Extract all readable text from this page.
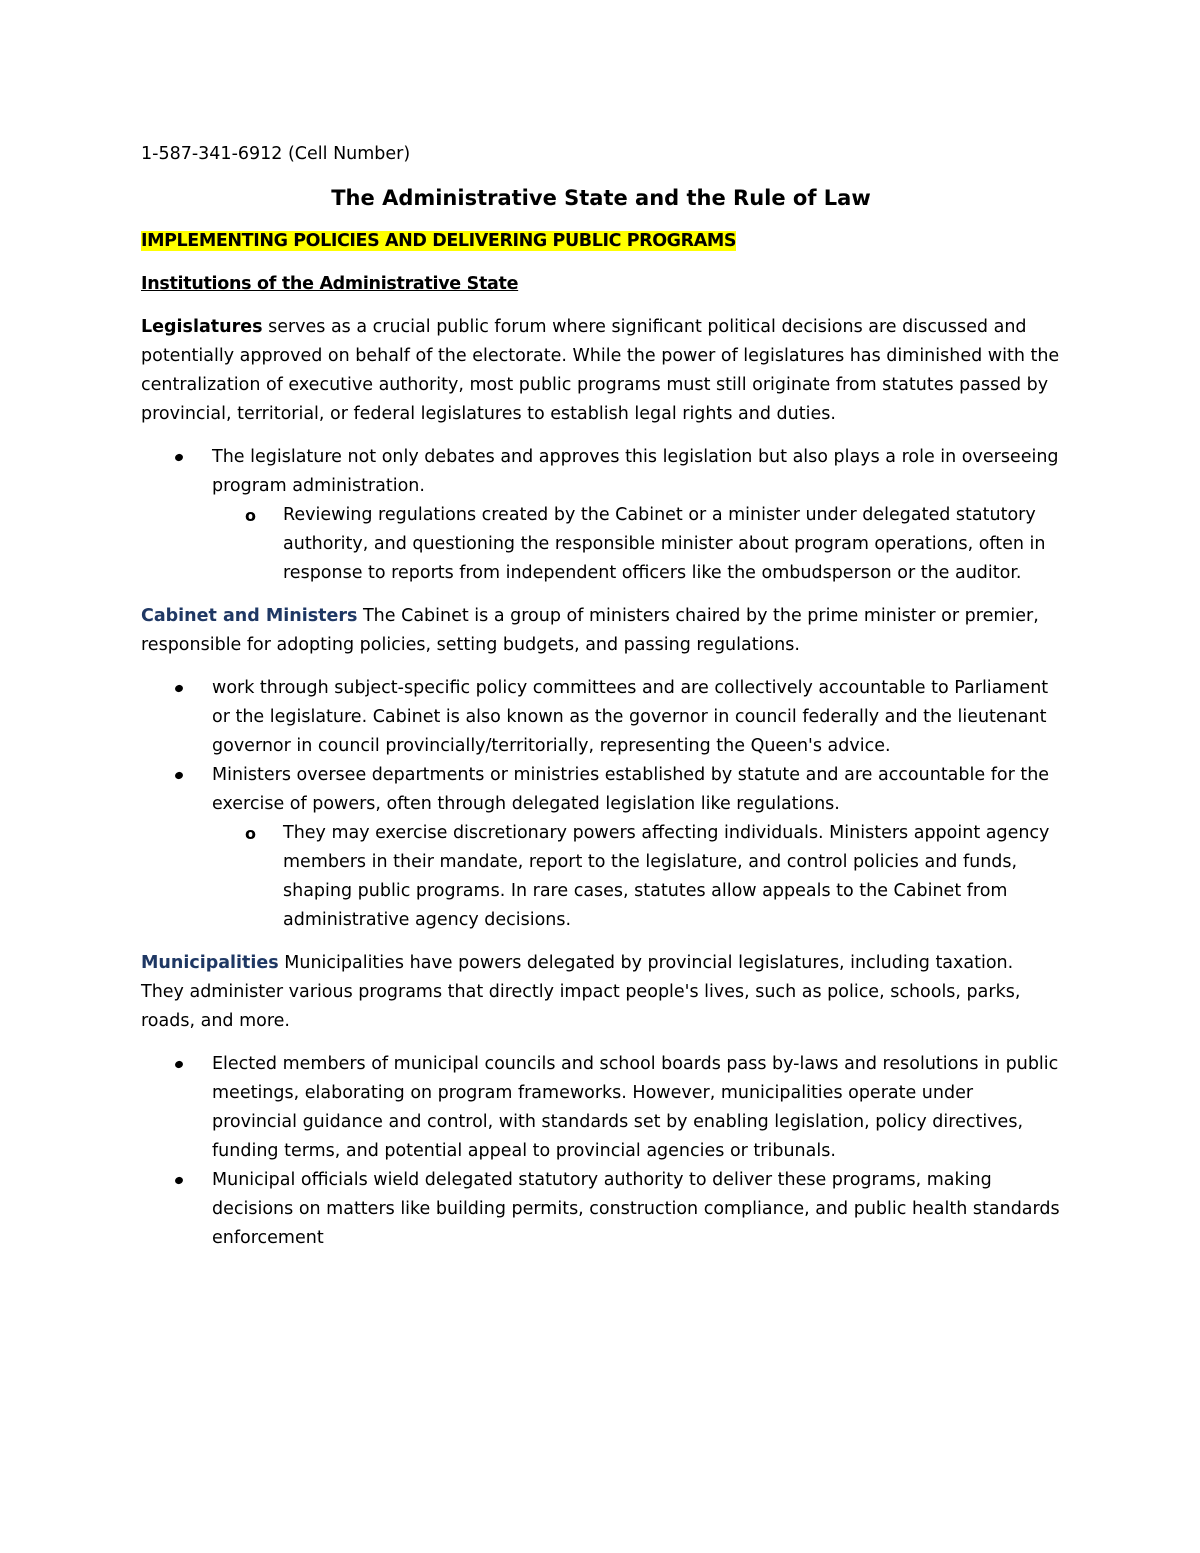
1-587-341-6912 (Cell Number)
The Administrative State and the Rule of Law
IMPLEMENTING POLICIES AND DELIVERING PUBLIC PROGRAMS
Institutions of the Administrative State

Legislatures serves as a crucial public forum where significant political decisions are discussed and potentially approved on behalf of the electorate. While the power of legislatures has diminished with the centralization of executive authority, most public programs must still originate from statutes passed by provincial, territorial, or federal legislatures to establish legal rights and duties.

The legislature not only debates and approves this legislation but also plays a role in overseeing program administration.
o Reviewing regulations created by the Cabinet or a minister under delegated statutory authority, and questioning the responsible minister about program operations, often in response to reports from independent officers like the ombudsperson or the auditor.

Cabinet and Ministers The Cabinet is a group of ministers chaired by the prime minister or premier, responsible for adopting policies, setting budgets, and passing regulations.

work through subject-specific policy committees and are collectively accountable to Parliament or the legislature. Cabinet is also known as the governor in council federally and the lieutenant governor in council provincially/territorially, representing the Queen's advice.
Ministers oversee departments or ministries established by statute and are accountable for the exercise of powers, often through delegated legislation like regulations.
o They may exercise discretionary powers affecting individuals. Ministers appoint agency members in their mandate, report to the legislature, and control policies and funds, shaping public programs. In rare cases, statutes allow appeals to the Cabinet from administrative agency decisions.

Municipalities Municipalities have powers delegated by provincial legislatures, including taxation. They administer various programs that directly impact people's lives, such as police, schools, parks, roads, and more.

Elected members of municipal councils and school boards pass by-laws and resolutions in public meetings, elaborating on program frameworks. However, municipalities operate under provincial guidance and control, with standards set by enabling legislation, policy directives, funding terms, and potential appeal to provincial agencies or tribunals.
Municipal officials wield delegated statutory authority to deliver these programs, making decisions on matters like building permits, construction compliance, and public health standards enforcement
